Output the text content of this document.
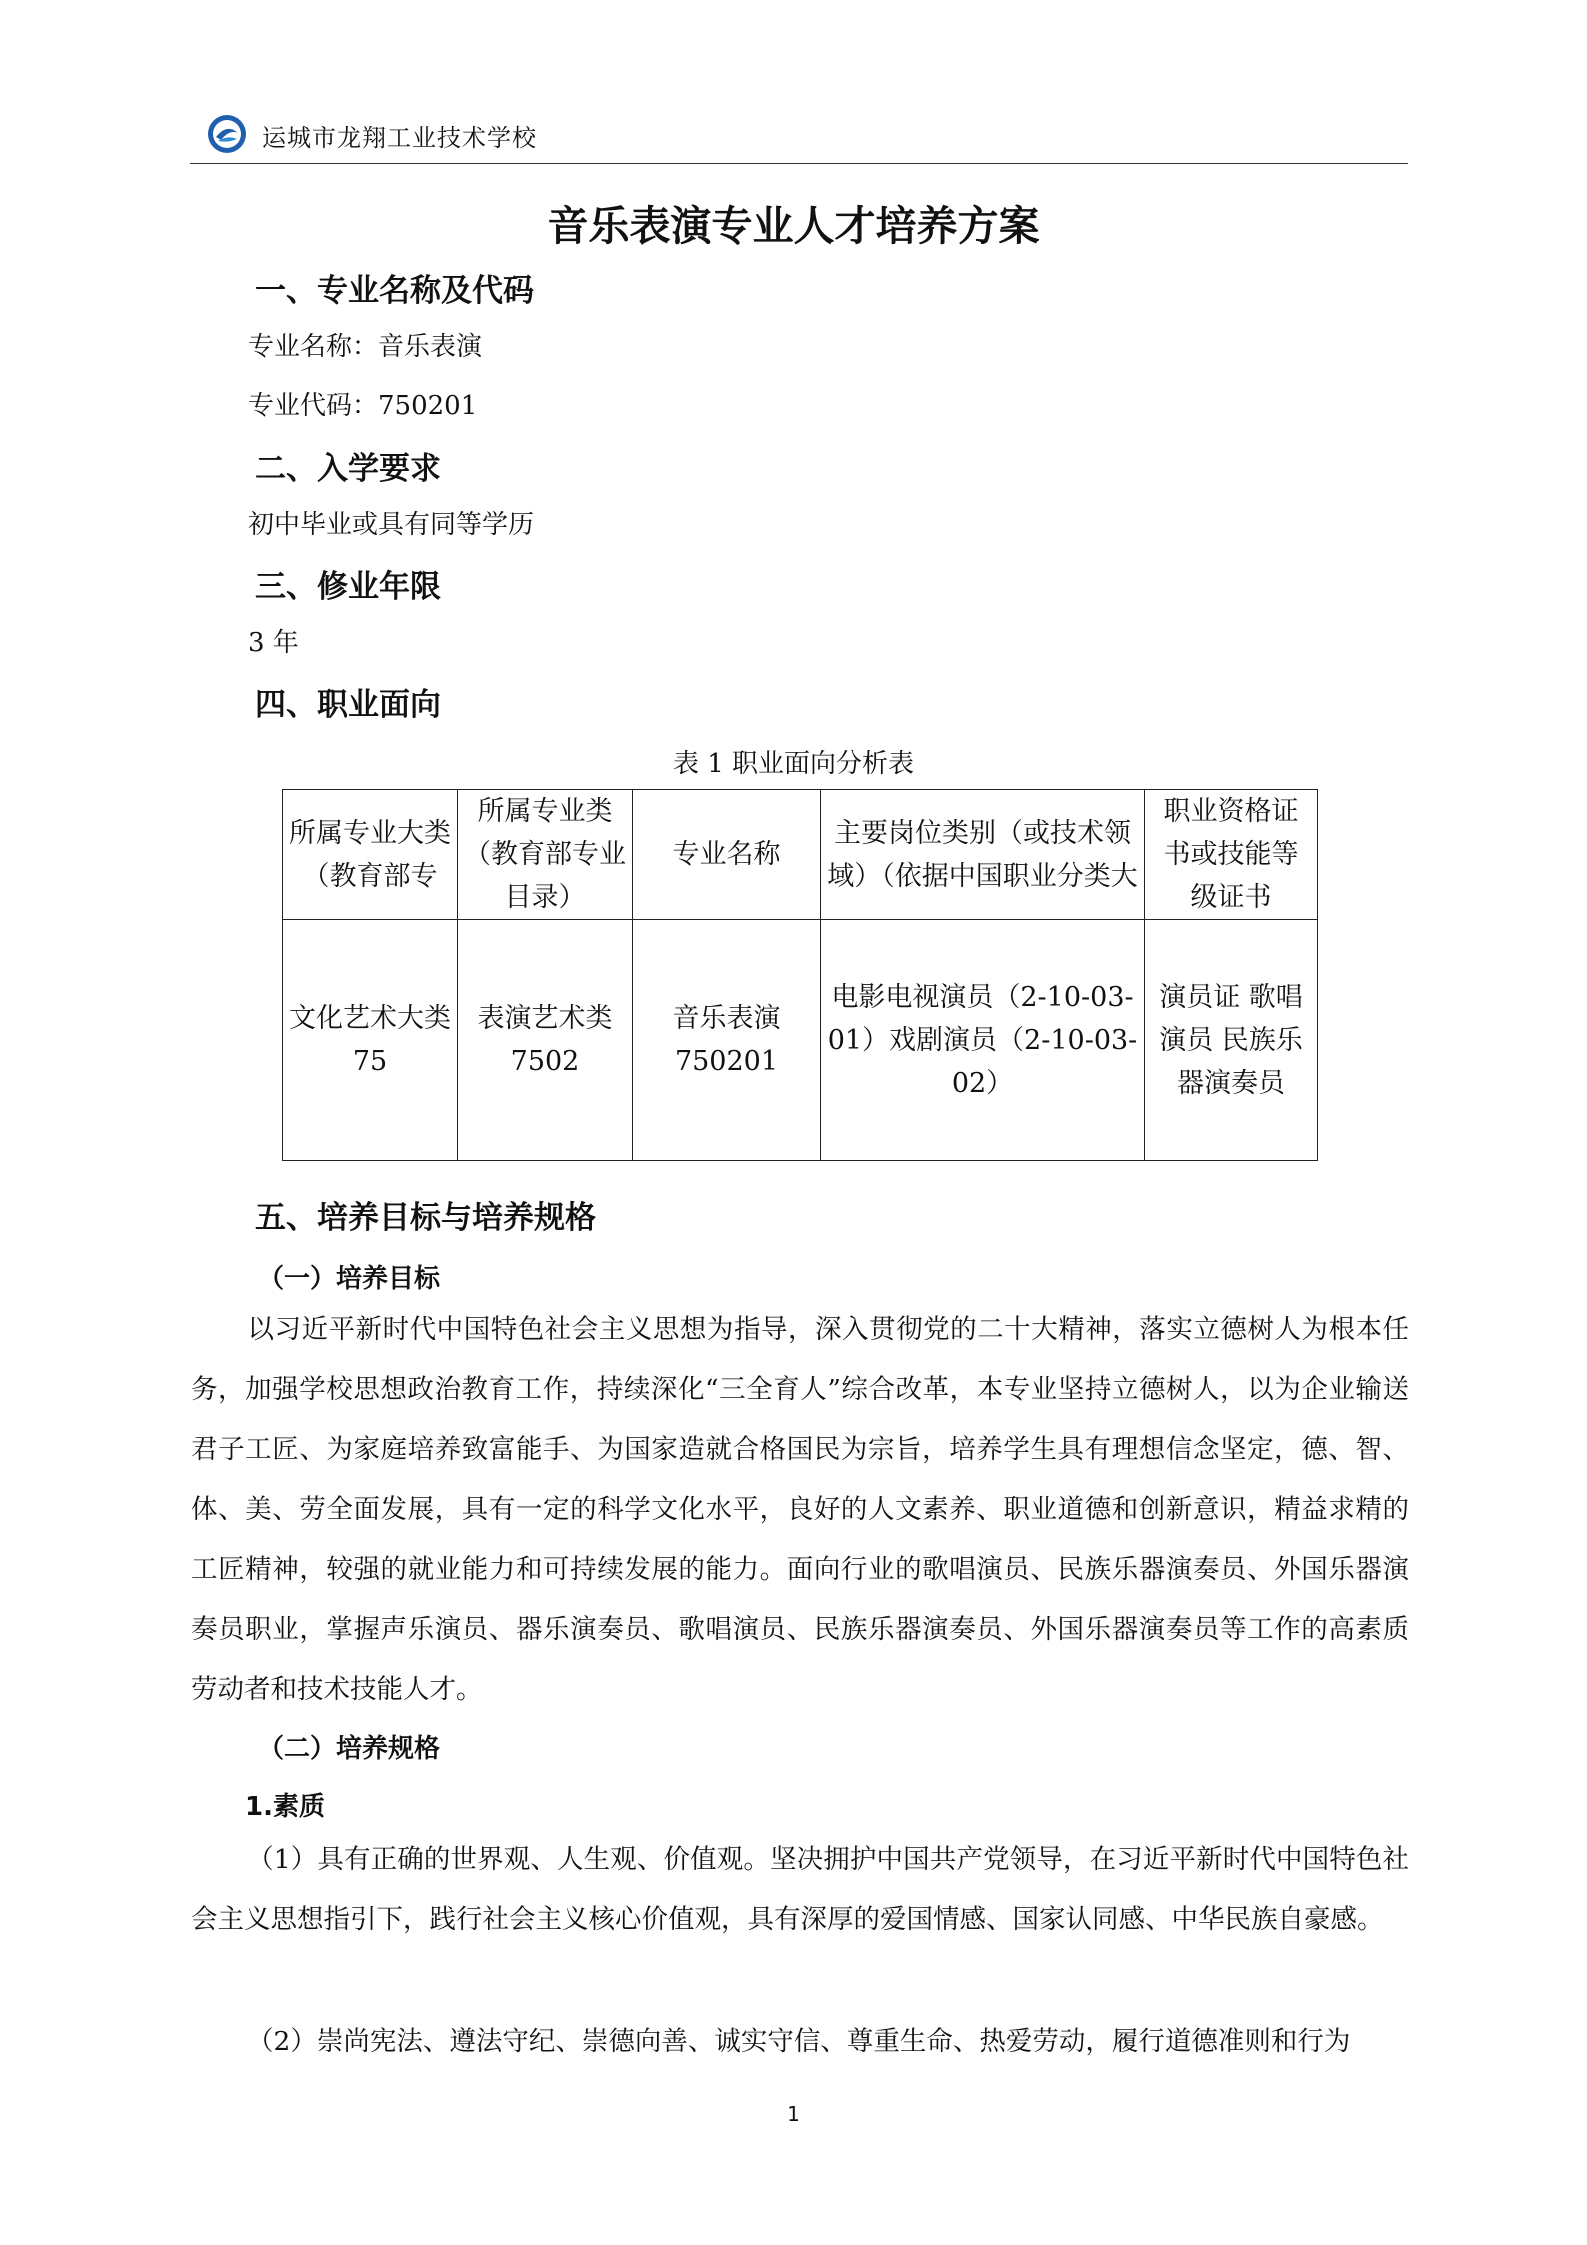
运城市龙翔工业技术学校
音乐表演专业人才培养方案
一、专业名称及代码
专业名称：音乐表演
专业代码：750201
二、入学要求
初中毕业或具有同等学历
三、修业年限
3 年
四、职业面向
表 1 职业面向分析表
所属专业大类（教育部专	所属专业类（教育部专业目录）	专业名称	主要岗位类别（或技术领域）（依据中国职业分类大	职业资格证书或技能等级证书
文化艺术大类 75	表演艺术类 7502	音乐表演 750201	电影电视演员（2-10-03-01）戏剧演员（2-10-03-02）	演员证 歌唱演员 民族乐器演奏员
五、培养目标与培养规格
（一）培养目标
以习近平新时代中国特色社会主义思想为指导，深入贯彻党的二十大精神，落实立德树人为根本任务，加强学校思想政治教育工作，持续深化“三全育人”综合改革，本专业坚持立德树人，以为企业输送君子工匠、为家庭培养致富能手、为国家造就合格国民为宗旨，培养学生具有理想信念坚定，德、智、体、美、劳全面发展，具有一定的科学文化水平，良好的人文素养、职业道德和创新意识，精益求精的工匠精神，较强的就业能力和可持续发展的能力。面向行业的歌唱演员、民族乐器演奏员、外国乐器演奏员职业，掌握声乐演员、器乐演奏员、歌唱演员、民族乐器演奏员、外国乐器演奏员等工作的高素质劳动者和技术技能人才。
（二）培养规格
1.素质
（1）具有正确的世界观、人生观、价值观。坚决拥护中国共产党领导，在习近平新时代中国特色社会主义思想指引下，践行社会主义核心价值观，具有深厚的爱国情感、国家认同感、中华民族自豪感。
（2）崇尚宪法、遵法守纪、崇德向善、诚实守信、尊重生命、热爱劳动，履行道德准则和行为
1
